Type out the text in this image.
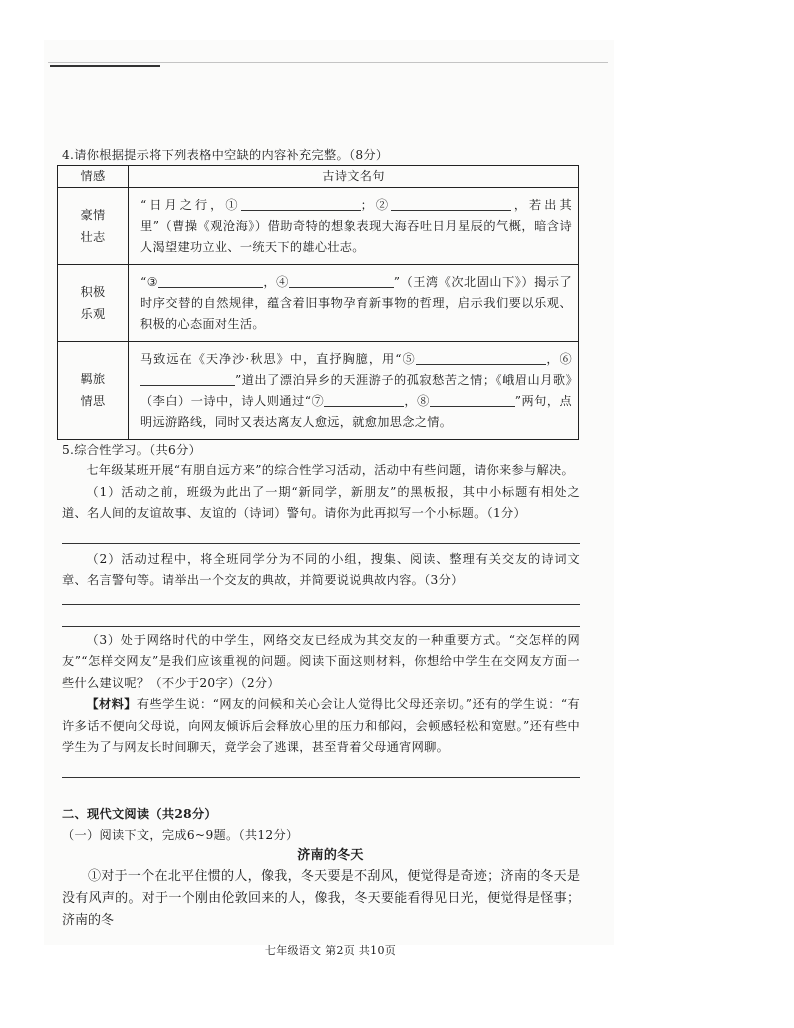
4.请你根据提示将下列表格中空缺的内容补充完整。（8分）
情感	古诗文名句
豪情壮志	“日月之行，① ；② ，若出其里”（曹操《观沧海》）借助奇特的想象表现大海吞吐日月星辰的气概，暗含诗人渴望建功立业、一统天下的雄心壮志。
积极乐观	“③ ，④ ”（王湾《次北固山下》）揭示了时序交替的自然规律，蕴含着旧事物孕育新事物的哲理，启示我们要以乐观、积极的心态面对生活。
羁旅情思	马致远在《天净沙·秋思》中，直抒胸臆，用“⑤ ，⑥”道出了漂泊异乡的天涯游子的孤寂愁苦之情；《峨眉山月歌》（李白）一诗中，诗人则通过“⑦ ，⑧ ”两句，点明远游路线，同时又表达离友人愈远，就愈加思念之情。
5.综合性学习。（共6分）

七年级某班开展“有朋自远方来”的综合性学习活动，活动中有些问题，请你来参与解决。

（1）活动之前，班级为此出了一期“新同学，新朋友”的黑板报，其中小标题有相处之道、名人间的友谊故事、友谊的（诗词）警句。请你为此再拟写一个小标题。（1分）

（2）活动过程中，将全班同学分为不同的小组，搜集、阅读、整理有关交友的诗词文章、名言警句等。请举出一个交友的典故，并简要说说典故内容。（3分）

（3）处于网络时代的中学生，网络交友已经成为其交友的一种重要方式。“交怎样的网友”“怎样交网友”是我们应该重视的问题。阅读下面这则材料，你想给中学生在交网友方面一些什么建议呢？（不少于20字）（2分）

【材料】有些学生说：“网友的问候和关心会让人觉得比父母还亲切。”还有的学生说：“有许多话不便向父母说，向网友倾诉后会释放心里的压力和郁闷，会顿感轻松和宽慰。”还有些中学生为了与网友长时间聊天，竟学会了逃课，甚至背着父母通宵网聊。

二、现代文阅读（共28分）
（一）阅读下文，完成6~9题。（共12分）
济南的冬天

①对于一个在北平住惯的人，像我，冬天要是不刮风，便觉得是奇迹；济南的冬天是没有风声的。对于一个刚由伦敦回来的人，像我，冬天要能看得见日光，便觉得是怪事；济南的冬

七年级语文 第2页 共10页
